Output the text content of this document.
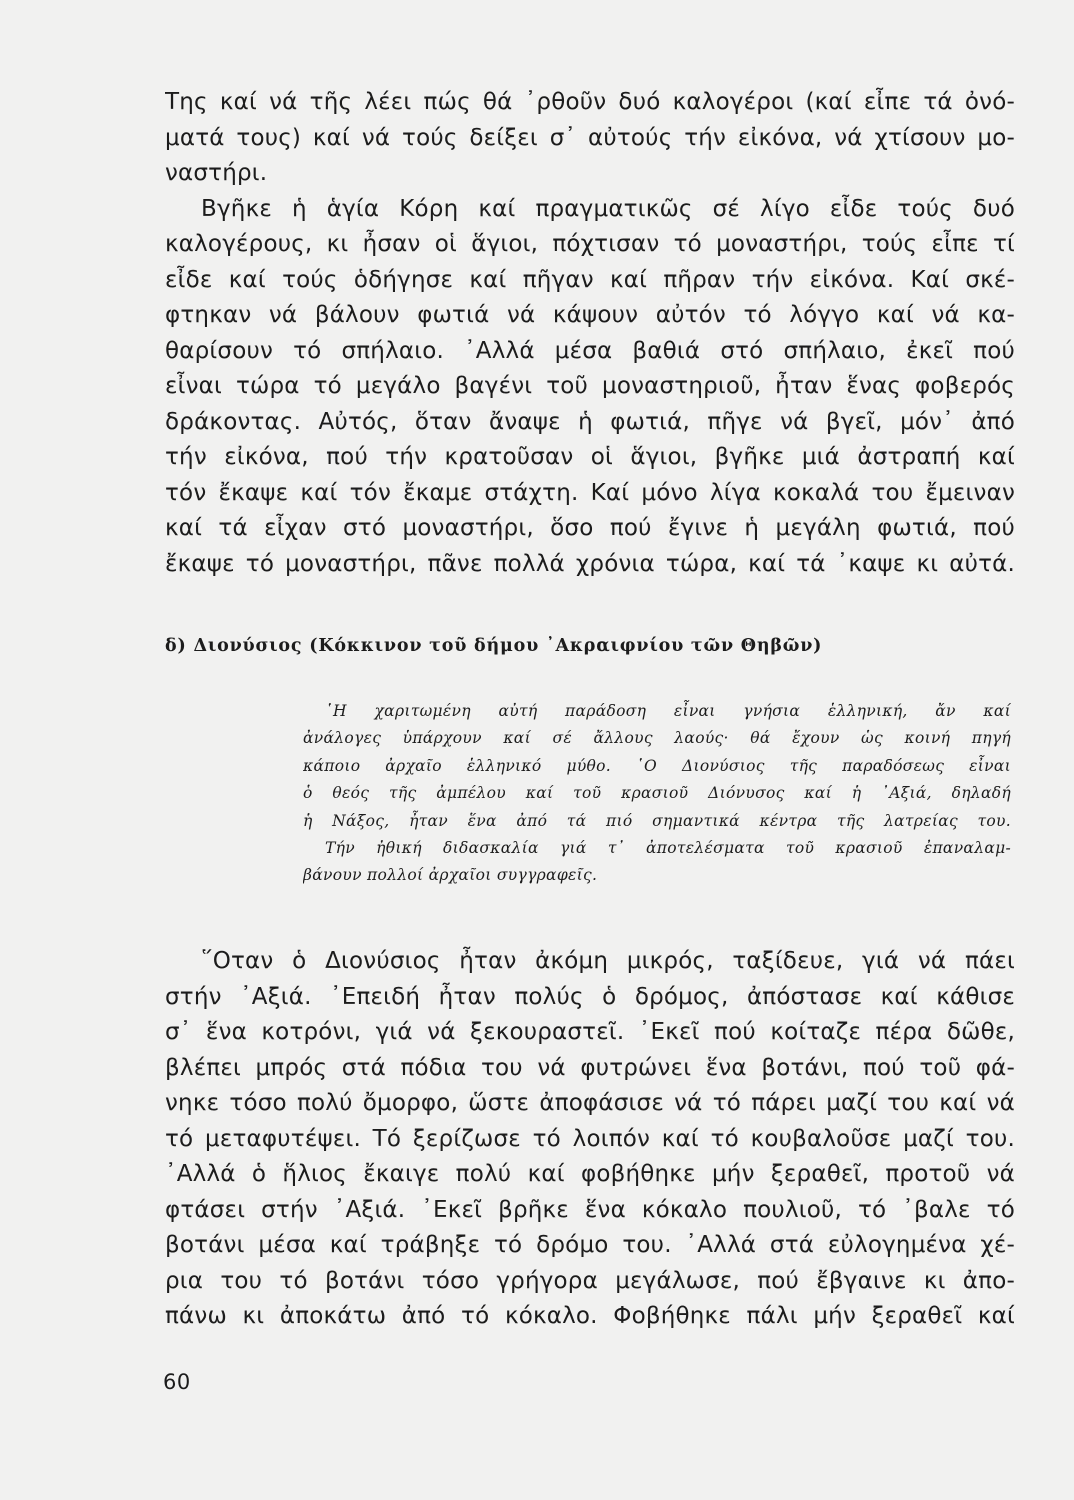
Της καί νά τῆς λέει πώς θά ᾿ρθοῦν δυό καλογέροι (καί εἶπε τά ὀνό-
ματά τους) καί νά τούς δείξει σ᾿ αὐτούς τήν εἰκόνα, νά χτίσουν μο-
ναστήρι.
Βγῆκε ἡ ἁγία Κόρη καί πραγματικῶς σέ λίγο εἶδε τούς δυό
καλογέρους, κι ἦσαν οἱ ἅγιοι, πόχτισαν τό μοναστήρι, τούς εἶπε τί
εἶδε καί τούς ὁδήγησε καί πῆγαν καί πῆραν τήν εἰκόνα. Καί σκέ-
φτηκαν νά βάλουν φωτιά νά κάψουν αὐτόν τό λόγγο καί νά κα-
θαρίσουν τό σπήλαιο. ᾿Αλλά μέσα βαθιά στό σπήλαιο, ἐκεῖ πού
εἶναι τώρα τό μεγάλο βαγένι τοῦ μοναστηριοῦ, ἦταν ἕνας φοβερός
δράκοντας. Αὐτός, ὅταν ἄναψε ἡ φωτιά, πῆγε νά βγεῖ, μόν᾿ ἀπό
τήν εἰκόνα, πού τήν κρατοῦσαν οἱ ἅγιοι, βγῆκε μιά ἀστραπή καί
τόν ἔκαψε καί τόν ἔκαμε στάχτη. Καί μόνο λίγα κοκαλά του ἔμειναν
καί τά εἶχαν στό μοναστήρι, ὅσο πού ἔγινε ἡ μεγάλη φωτιά, πού
ἔκαψε τό μοναστήρι, πᾶνε πολλά χρόνια τώρα, καί τά ᾿καψε κι αὐτά.
δ) Διονύσιος (Κόκκινον τοῦ δήμου ᾿Ακραιφνίου τῶν Θηβῶν)
῾Η χαριτωμένη αὐτή παράδοση εἶναι γνήσια ἑλληνική, ἄν καί
ἀνάλογες ὑπάρχουν καί σέ ἄλλους λαούς· θά ἔχουν ὡς κοινή πηγή
κάποιο ἀρχαῖο ἑλληνικό μύθο. ῾Ο Διονύσιος τῆς παραδόσεως εἶναι
ὁ θεός τῆς ἀμπέλου καί τοῦ κρασιοῦ Διόνυσος καί ἡ ᾿Αξιά, δηλαδή
ἡ Νάξος, ἦταν ἕνα ἀπό τά πιό σημαντικά κέντρα τῆς λατρείας του.
Τήν ἠθική διδασκαλία γιά τ᾿ ἀποτελέσματα τοῦ κρασιοῦ ἐπαναλαμ-
βάνουν πολλοί ἀρχαῖοι συγγραφεῖς.
῞Οταν ὁ Διονύσιος ἦταν ἀκόμη μικρός, ταξίδευε, γιά νά πάει
στήν ᾿Αξιά. ᾿Επειδή ἦταν πολύς ὁ δρόμος, ἀπόστασε καί κάθισε
σ᾿ ἕνα κοτρόνι, γιά νά ξεκουραστεῖ. ᾿Εκεῖ πού κοίταζε πέρα δῶθε,
βλέπει μπρός στά πόδια του νά φυτρώνει ἕνα βοτάνι, πού τοῦ φά-
νηκε τόσο πολύ ὄμορφο, ὥστε ἀποφάσισε νά τό πάρει μαζί του καί νά
τό μεταφυτέψει. Τό ξερίζωσε τό λοιπόν καί τό κουβαλοῦσε μαζί του.
᾿Αλλά ὁ ἥλιος ἔκαιγε πολύ καί φοβήθηκε μήν ξεραθεῖ, προτοῦ νά
φτάσει στήν ᾿Αξιά. ᾿Εκεῖ βρῆκε ἕνα κόκαλο πουλιοῦ, τό ᾿βαλε τό
βοτάνι μέσα καί τράβηξε τό δρόμο του. ᾿Αλλά στά εὐλογημένα χέ-
ρια του τό βοτάνι τόσο γρήγορα μεγάλωσε, πού ἔβγαινε κι ἀπο-
πάνω κι ἀποκάτω ἀπό τό κόκαλο. Φοβήθηκε πάλι μήν ξεραθεῖ καί
60
